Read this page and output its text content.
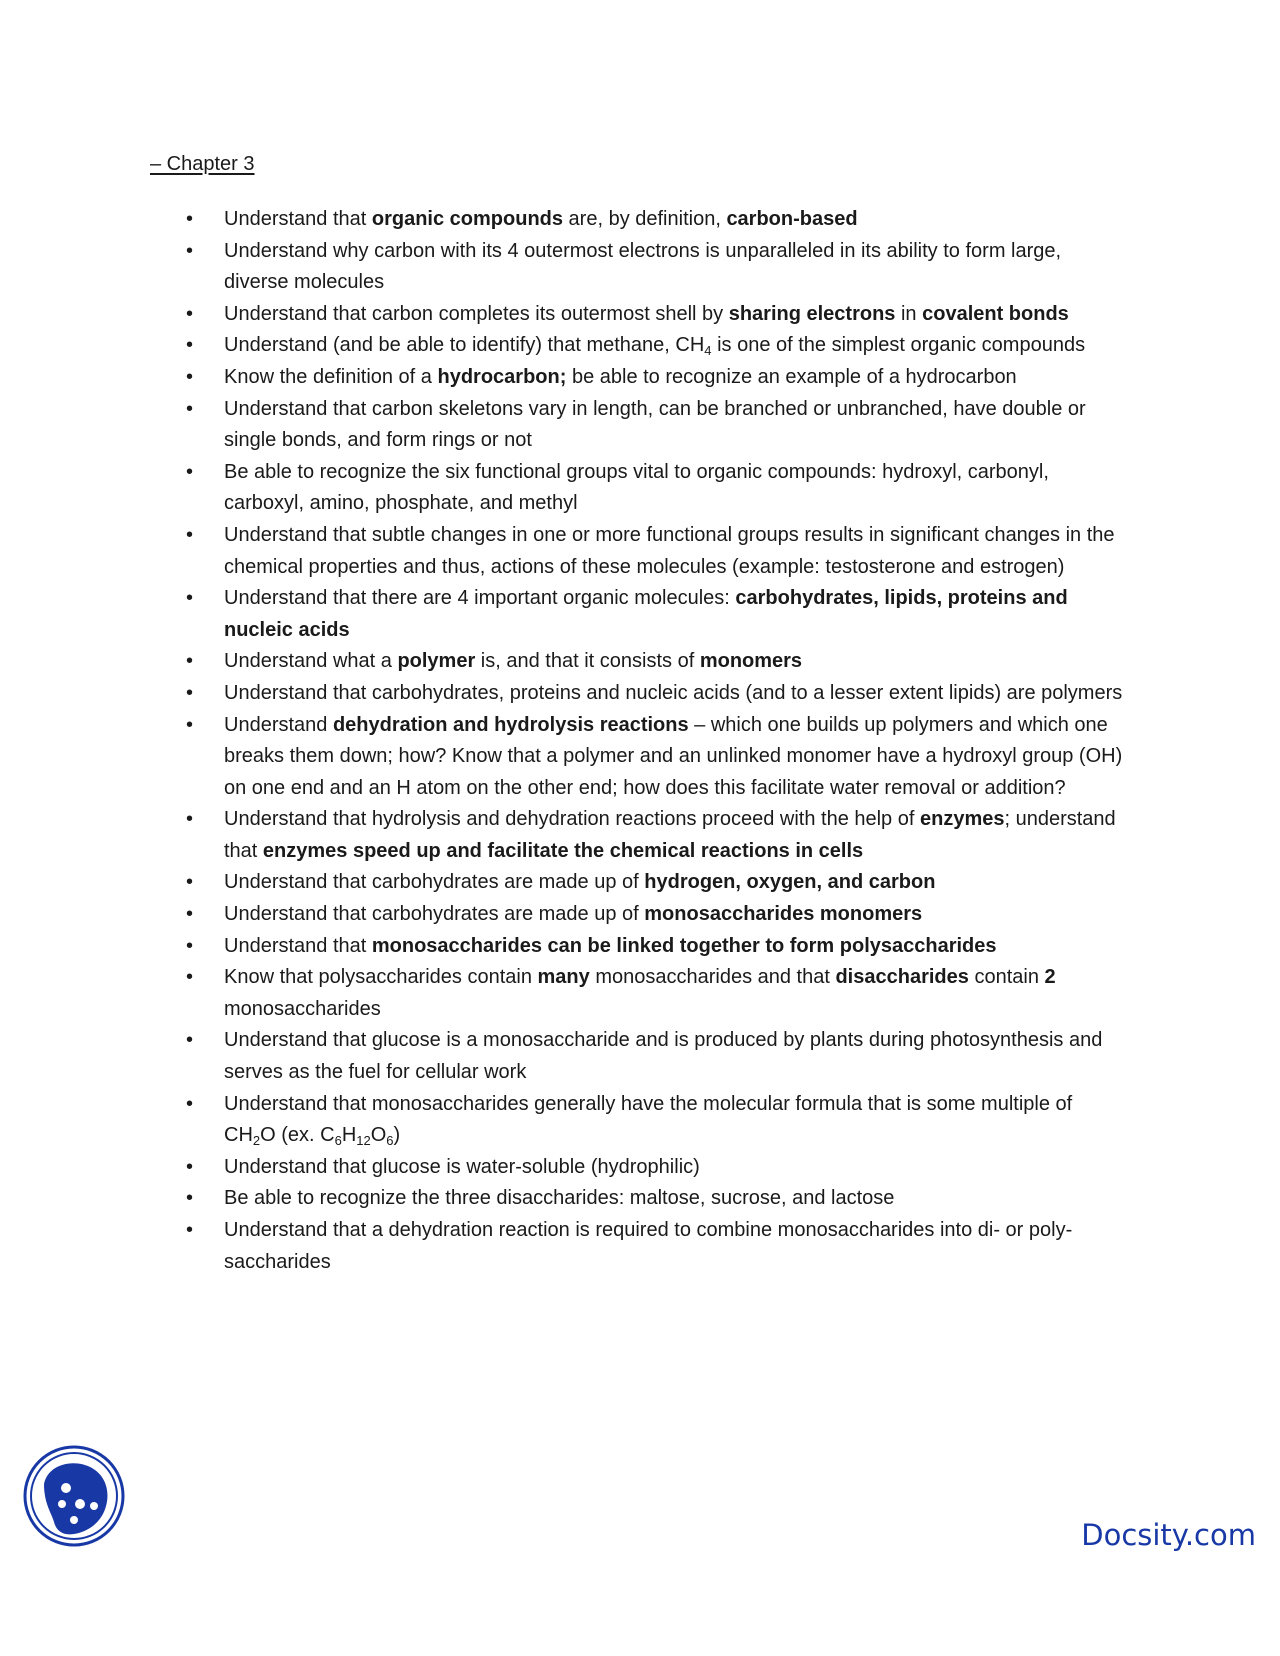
– Chapter 3
•	Understand that organic compounds are, by definition, carbon-based
•	Understand why carbon with its 4 outermost electrons is unparalleled in its ability to form large, diverse molecules
•	Understand that carbon completes its outermost shell by sharing electrons in covalent bonds
•	Understand (and be able to identify) that methane, $CH_4$ is one of the simplest organic compounds
•	Know the definition of a hydrocarbon; be able to recognize an example of a hydrocarbon
•	Understand that carbon skeletons vary in length, can be branched or unbranched, have double or single bonds, and form rings or not
•	Be able to recognize the six functional groups vital to organic compounds: hydroxyl, carbonyl, carboxyl, amino, phosphate, and methyl
•	Understand that subtle changes in one or more functional groups results in significant changes in the chemical properties and thus, actions of these molecules (example: testosterone and estrogen)
•	Understand that there are 4 important organic molecules: carbohydrates, lipids, proteins and nucleic acids
•	Understand what a polymer is, and that it consists of monomers
•	Understand that carbohydrates, proteins and nucleic acids (and to a lesser extent lipids) are polymers
•	Understand dehydration and hydrolysis reactions – which one builds up polymers and which one breaks them down; how? Know that a polymer and an unlinked monomer have a hydroxyl group (OH) on one end and an H atom on the other end; how does this facilitate water removal or addition?
•	Understand that hydrolysis and dehydration reactions proceed with the help of enzymes; understand that enzymes speed up and facilitate the chemical reactions in cells
•	Understand that carbohydrates are made up of hydrogen, oxygen, and carbon
•	Understand that carbohydrates are made up of monosaccharides monomers
•	Understand that monosaccharides can be linked together to form polysaccharides
•	Know that polysaccharides contain many monosaccharides and that disaccharides contain 2 monosaccharides
•	Understand that glucose is a monosaccharide and is produced by plants during photosynthesis and serves as the fuel for cellular work
•	Understand that monosaccharides generally have the molecular formula that is some multiple of $CH_2O$ (ex. $C_6H_{12}O_6$)
•	Understand that glucose is water-soluble (hydrophilic)
•	Be able to recognize the three disaccharides: maltose, sucrose, and lactose
•	Understand that a dehydration reaction is required to combine monosaccharides into di- or poly-saccharides
Docsity.com
